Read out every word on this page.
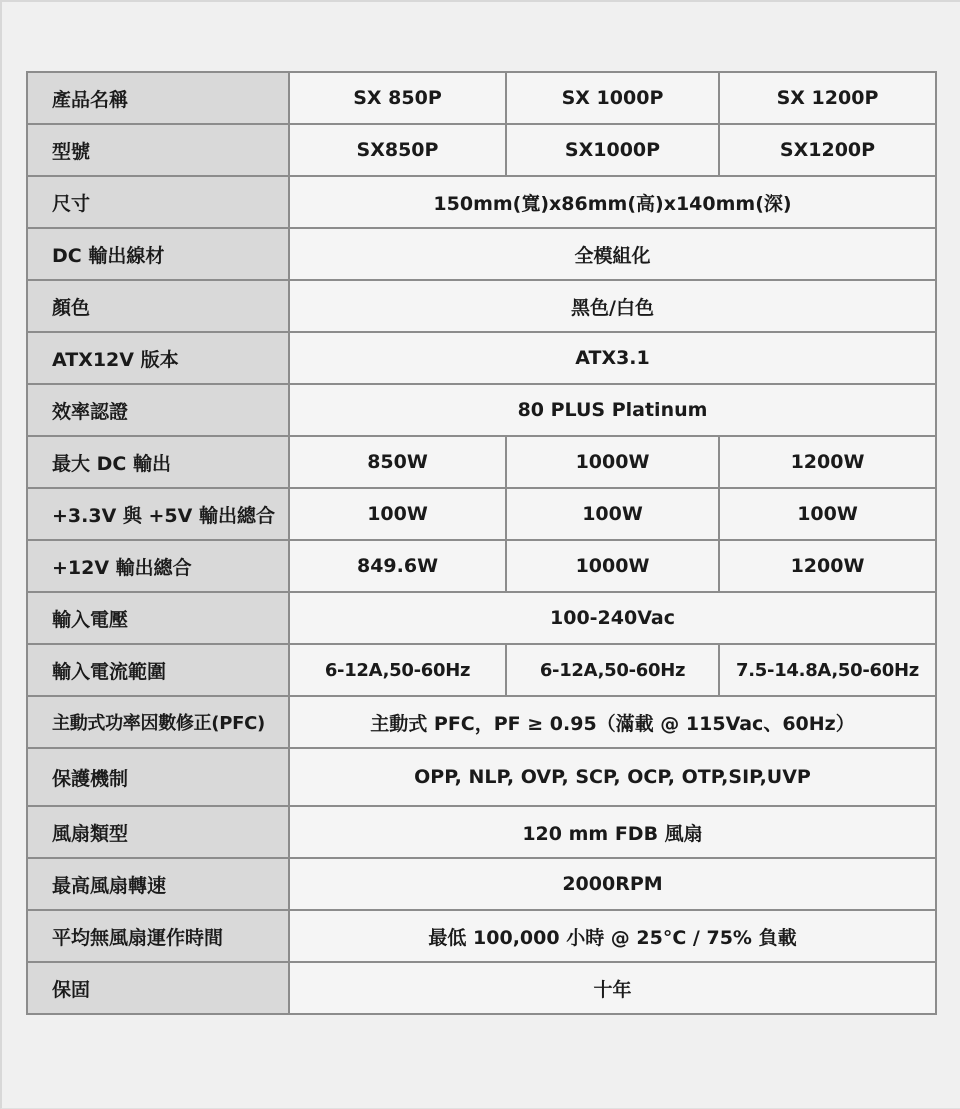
產品名稱	SX 850P	SX 1000P	SX 1200P
型號	SX850P	SX1000P	SX1200P
尺寸	150mm(寬)x86mm(高)x140mm(深)		
DC 輸出線材	全模組化		
顏色	黑色/白色		
ATX12V 版本	ATX3.1		
效率認證	80 PLUS Platinum		
最大 DC 輸出	850W	1000W	1200W
+3.3V 與 +5V 輸出總合	100W	100W	100W
+12V 輸出總合	849.6W	1000W	1200W
輸入電壓	100-240Vac		
輸入電流範圍	6-12A,50-60Hz	6-12A,50-60Hz	7.5-14.8A,50-60Hz
主動式功率因數修正(PFC)	主動式 PFC，PF ≥ 0.95（滿載 @ 115Vac、60Hz）		
保護機制	OPP, NLP, OVP, SCP, OCP, OTP,SIP,UVP		
風扇類型	120 mm FDB 風扇		
最高風扇轉速	2000RPM		
平均無風扇運作時間	最低 100,000 小時 @ 25°C / 75% 負載		
保固	十年		
